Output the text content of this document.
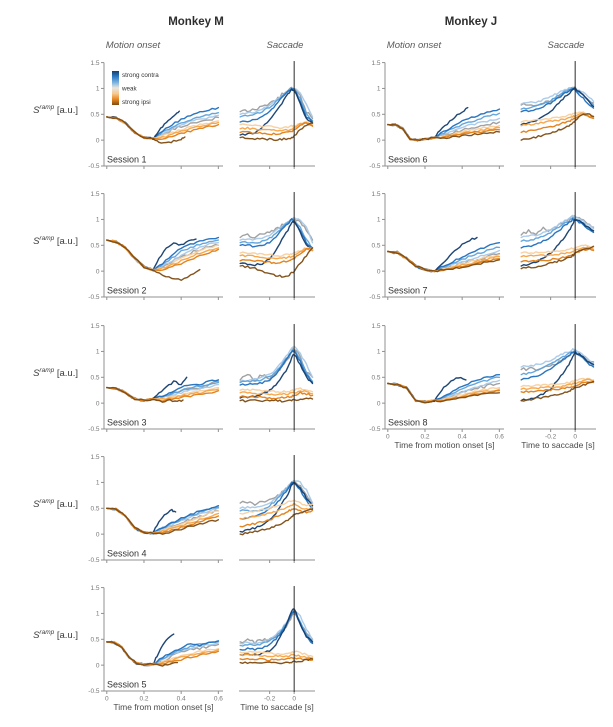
Monkey M	Monkey J
Motion onset	Saccade	Motion onset	Saccade
$S^{ramp}$ [a.u.]
-0.5
0
0.5
1
1.5
Session 1
strong contra
weak
strong ipsi
$S^{ramp}$ [a.u.]
-0.5
0
0.5
1
1.5
Session 2
$S^{ramp}$ [a.u.]
-0.5
0
0.5
1
1.5
Session 3
$S^{ramp}$ [a.u.]
-0.5
0
0.5
1
1.5
Session 4
$S^{ramp}$ [a.u.]
-0.5
0
0.5
1
1.5
0	0.2	0.4	0.6
Time from motion onset [s]
Session 5
-0.2	0
Time to saccade [s]
-0.5
0
0.5
1
1.5
Session 6
-0.5
0
0.5
1
1.5
Session 7
-0.5
0
0.5
1
1.5
0	0.2	0.4	0.6
Time from motion onset [s]
Session 8
-0.2	0
Time to saccade [s]
